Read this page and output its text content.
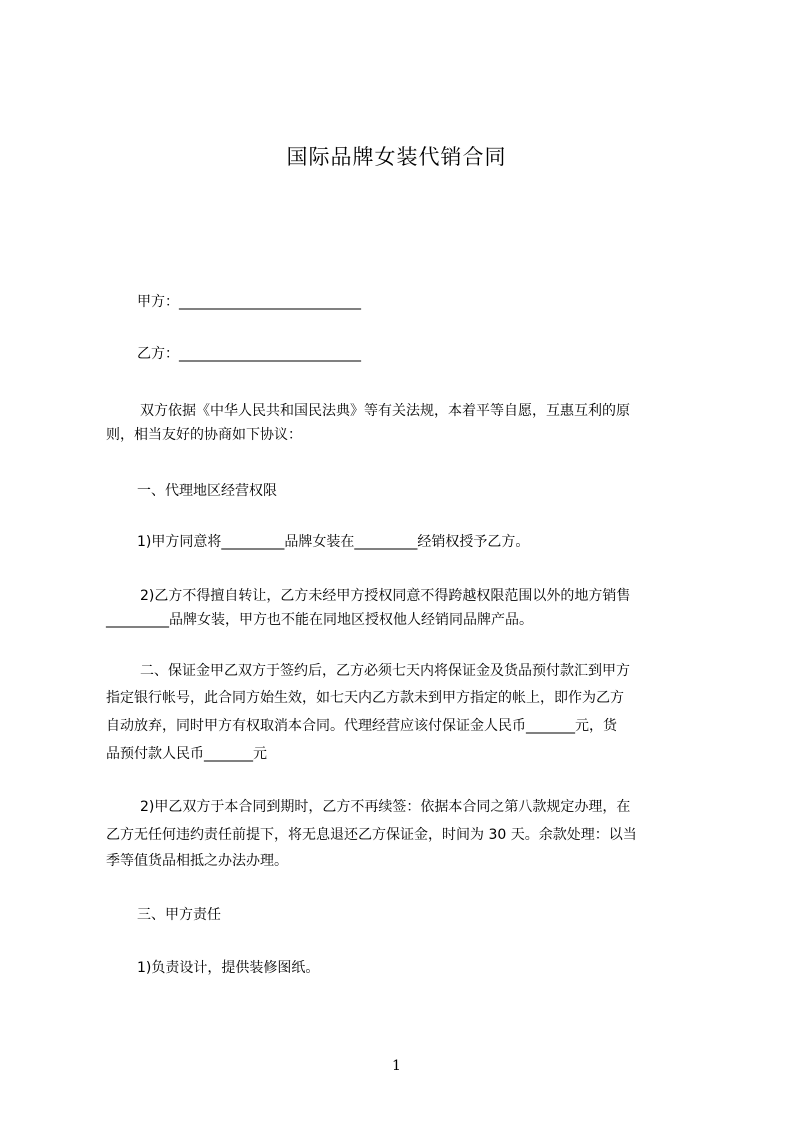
国际品牌女装代销合同
甲方：__________________________
乙方：__________________________
双方依据《中华人民共和国民法典》等有关法规，本着平等自愿，互惠互利的原
则，相当友好的协商如下协议：
一、代理地区经营权限
1)甲方同意将_________品牌女装在_________经销权授予乙方。
2)乙方不得擅自转让，乙方未经甲方授权同意不得跨越权限范围以外的地方销售
_________品牌女装，甲方也不能在同地区授权他人经销同品牌产品。
二、保证金甲乙双方于签约后，乙方必须七天内将保证金及货品预付款汇到甲方
指定银行帐号，此合同方始生效，如七天内乙方款未到甲方指定的帐上，即作为乙方
自动放弃，同时甲方有权取消本合同。代理经营应该付保证金人民币_______元，货
品预付款人民币_______元
2)甲乙双方于本合同到期时，乙方不再续签：依据本合同之第八款规定办理，在
乙方无任何违约责任前提下，将无息退还乙方保证金，时间为 30 天。余款处理：以当
季等值货品相抵之办法办理。
三、甲方责任
1)负责设计，提供装修图纸。
1
